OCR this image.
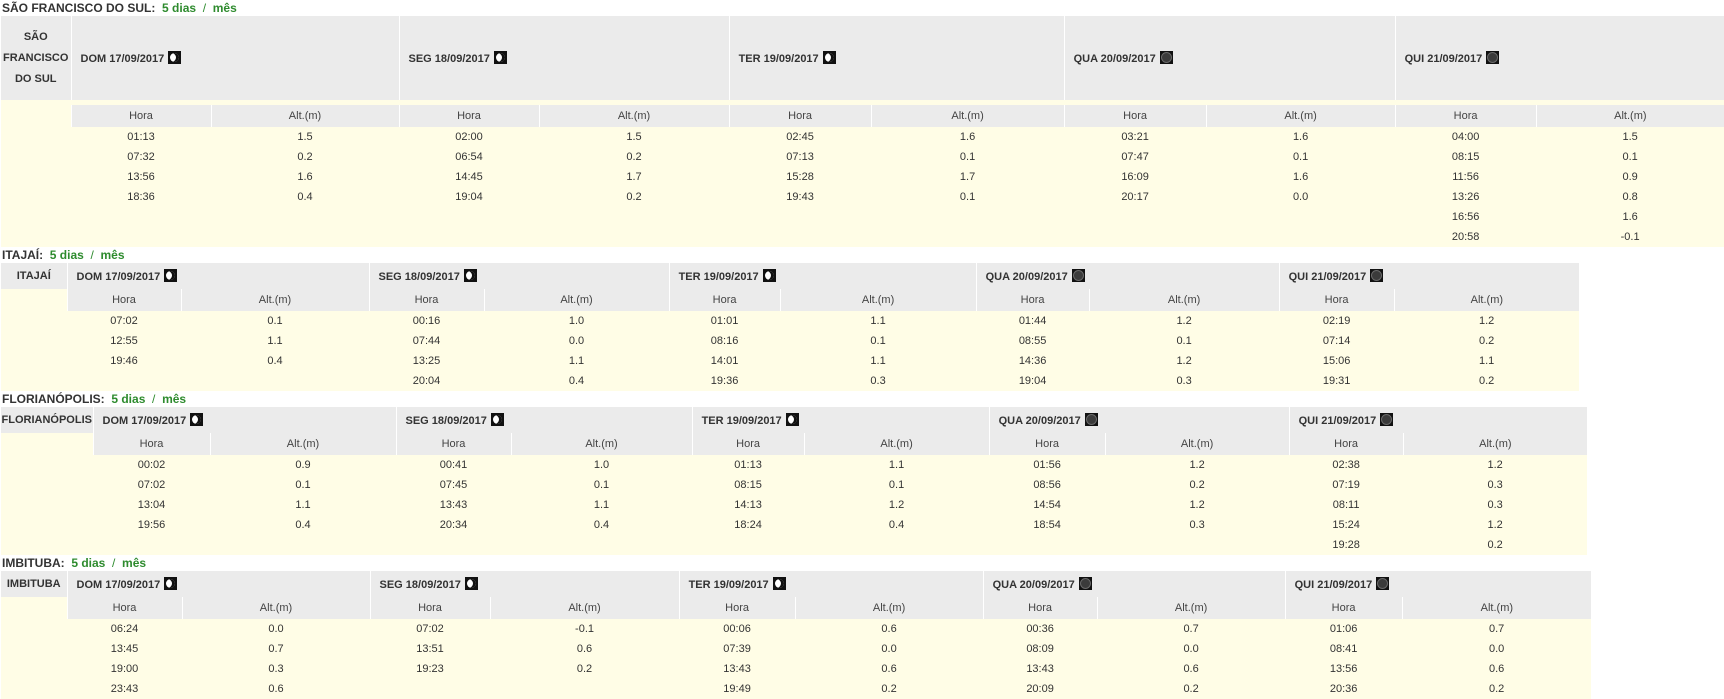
SÃO FRANCISCO DO SUL: 5 dias / mês
SÃO
FRANCISCO
DO SUL	DOM 17/09/2017		SEG 18/09/2017		TER 19/09/2017		QUA 20/09/2017		QUI 21/09/2017	

	Hora	Alt.(m)	Hora	Alt.(m)	Hora	Alt.(m)	Hora	Alt.(m)	Hora	Alt.(m)
	01:13	1.5	02:00	1.5	02:45	1.6	03:21	1.6	04:00	1.5
	07:32	0.2	06:54	0.2	07:13	0.1	07:47	0.1	08:15	0.1
	13:56	1.6	14:45	1.7	15:28	1.7	16:09	1.6	11:56	0.9
	18:36	0.4	19:04	0.2	19:43	0.1	20:17	0.0	13:26	0.8
									16:56	1.6
									20:58	-0.1
ITAJAÍ: 5 dias / mês
ITAJAÍ	DOM 17/09/2017		SEG 18/09/2017		TER 19/09/2017		QUA 20/09/2017		QUI 21/09/2017	
	Hora	Alt.(m)	Hora	Alt.(m)	Hora	Alt.(m)	Hora	Alt.(m)	Hora	Alt.(m)
	07:02	0.1	00:16	1.0	01:01	1.1	01:44	1.2	02:19	1.2
	12:55	1.1	07:44	0.0	08:16	0.1	08:55	0.1	07:14	0.2
	19:46	0.4	13:25	1.1	14:01	1.1	14:36	1.2	15:06	1.1
			20:04	0.4	19:36	0.3	19:04	0.3	19:31	0.2
FLORIANÓPOLIS: 5 dias / mês
FLORIANÓPOLIS	DOM 17/09/2017		SEG 18/09/2017		TER 19/09/2017		QUA 20/09/2017		QUI 21/09/2017	
	Hora	Alt.(m)	Hora	Alt.(m)	Hora	Alt.(m)	Hora	Alt.(m)	Hora	Alt.(m)
	00:02	0.9	00:41	1.0	01:13	1.1	01:56	1.2	02:38	1.2
	07:02	0.1	07:45	0.1	08:15	0.1	08:56	0.2	07:19	0.3
	13:04	1.1	13:43	1.1	14:13	1.2	14:54	1.2	08:11	0.3
	19:56	0.4	20:34	0.4	18:24	0.4	18:54	0.3	15:24	1.2
									19:28	0.2
IMBITUBA: 5 dias / mês
IMBITUBA	DOM 17/09/2017		SEG 18/09/2017		TER 19/09/2017		QUA 20/09/2017		QUI 21/09/2017	
	Hora	Alt.(m)	Hora	Alt.(m)	Hora	Alt.(m)	Hora	Alt.(m)	Hora	Alt.(m)
	06:24	0.0	07:02	-0.1	00:06	0.6	00:36	0.7	01:06	0.7
	13:45	0.7	13:51	0.6	07:39	0.0	08:09	0.0	08:41	0.0
	19:00	0.3	19:23	0.2	13:43	0.6	13:43	0.6	13:56	0.6
	23:43	0.6			19:49	0.2	20:09	0.2	20:36	0.2
